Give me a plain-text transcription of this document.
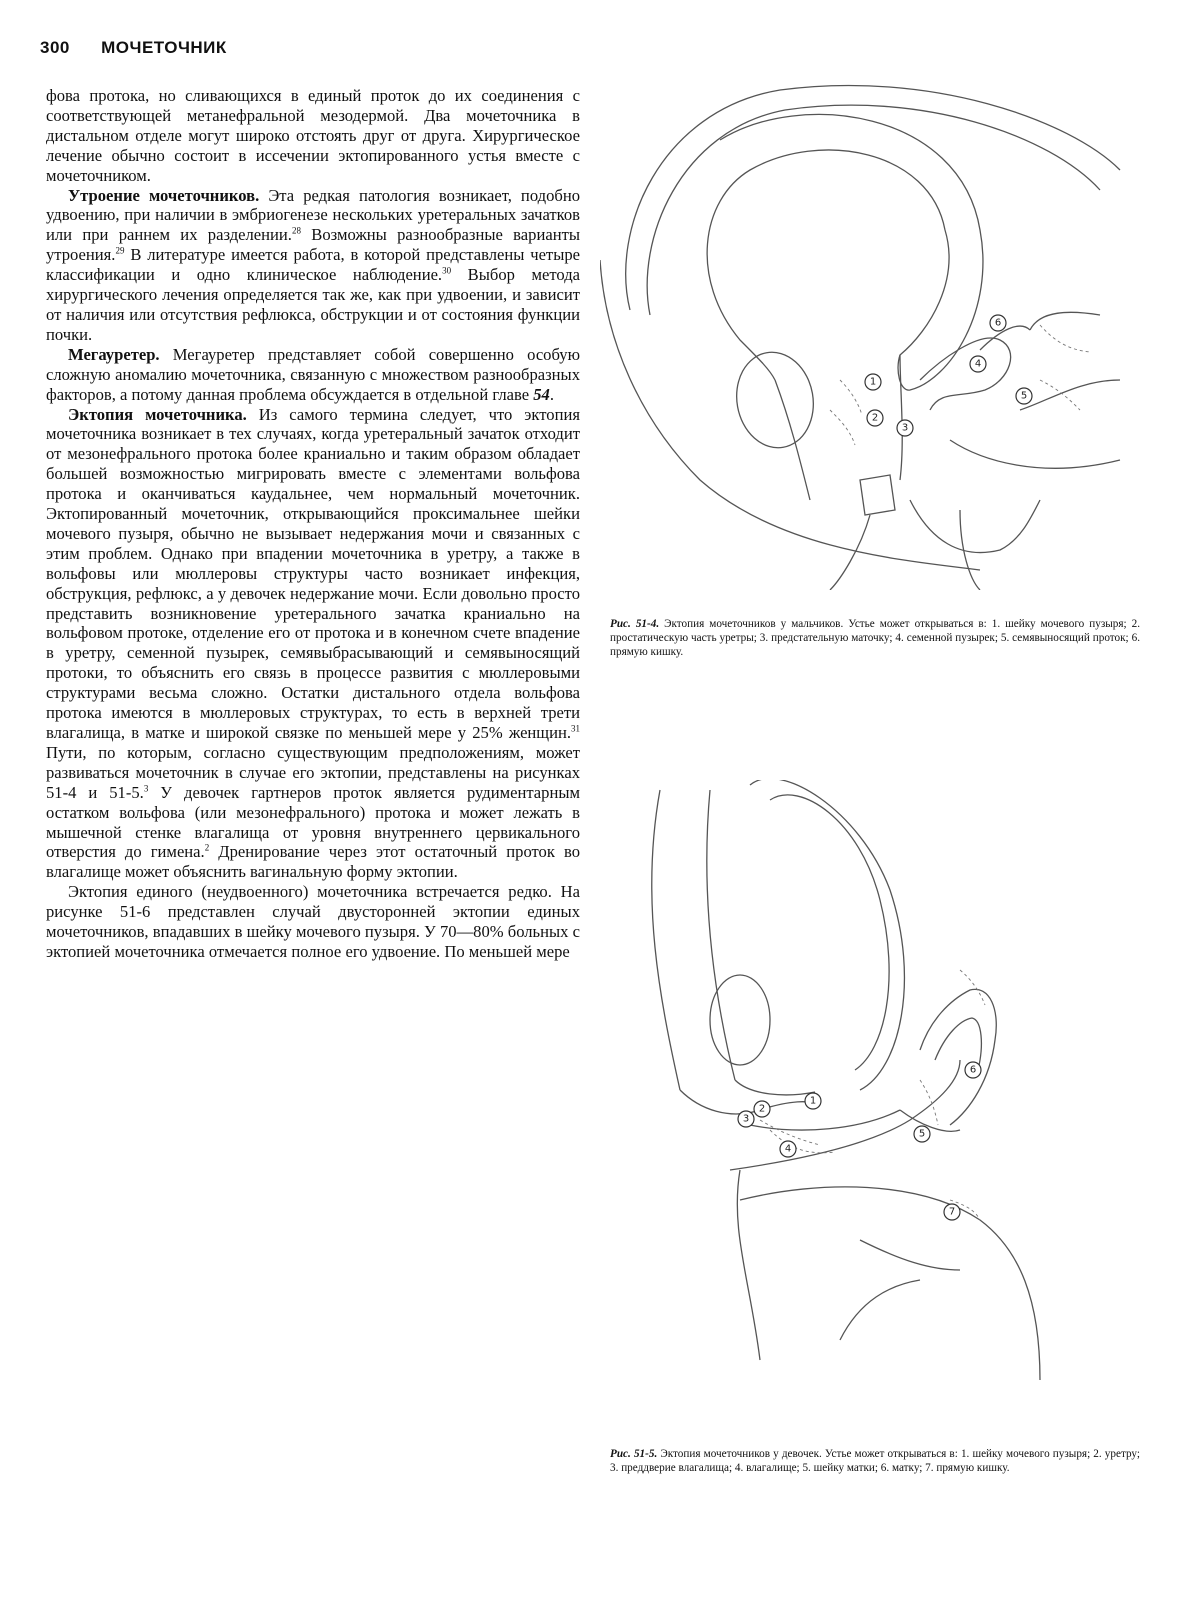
300 МОЧЕТОЧНИК

фова протока, но сливающихся в единый проток до их соединения с соответствующей метанефральной мезодермой. Два мочеточника в дистальном отделе могут широко отстоять друг от друга. Хирургическое лечение обычно состоит в иссечении эктопированного устья вместе с мочеточником.

Утроение мочеточников. Эта редкая патология возникает, подобно удвоению, при наличии в эмбриогенезе нескольких уретеральных зачатков или при раннем их разделении.$^{28}$ Возможны разнообразные варианты утроения.$^{29}$ В литературе имеется работа, в которой представлены четыре классификации и одно клиническое наблюдение.$^{30}$ Выбор метода хирургического лечения определяется так же, как при удвоении, и зависит от наличия или отсутствия рефлюкса, обструкции и от состояния функции почки.

Мегауретер. Мегауретер представляет собой совершенно особую сложную аномалию мочеточника, связанную с множеством разнообразных факторов, а потому данная проблема обсуждается в отдельной главе 54.

Эктопия мочеточника. Из самого термина следует, что эктопия мочеточника возникает в тех случаях, когда уретеральный зачаток отходит от мезонефрального протока более краниально и таким образом обладает большей возможностью мигрировать вместе с элементами вольфова протока и оканчиваться каудальнее, чем нормальный мочеточник. Эктопированный мочеточник, открывающийся проксимальнее шейки мочевого пузыря, обычно не вызывает недержания мочи и связанных с этим проблем. Однако при впадении мочеточника в уретру, а также в вольфовы или мюллеровы структуры часто возникает инфекция, обструкция, рефлюкс, а у девочек недержание мочи. Если довольно просто представить возникновение уретерального зачатка краниально на вольфовом протоке, отделение его от протока и в конечном счете впадение в уретру, семенной пузырек, семявыбрасывающий и семявыносящий протоки, то объяснить его связь в процессе развития с мюллеровыми структурами весьма сложно. Остатки дистального отдела вольфова протока имеются в мюллеровых структурах, то есть в верхней трети влагалища, в матке и широкой связке по меньшей мере у 25% женщин.$^{31}$ Пути, по которым, согласно существующим предположениям, может развиваться мочеточник в случае его эктопии, представлены на рисунках 51-4 и 51-5.$^3$ У девочек гартнеров проток является рудиментарным остатком вольфова (или мезонефрального) протока и может лежать в мышечной стенке влагалища от уровня внутреннего цервикального отверстия до гимена.$^2$ Дренирование через этот остаточный проток во влагалище может объяснить вагинальную форму эктопии.

Эктопия единого (неудвоенного) мочеточника встречается редко. На рисунке 51-6 представлен случай двусторонней эктопии единых мочеточников, впадавших в шейку мочевого пузыря. У 70—80% больных с эктопией мочеточника отмечается полное его удвоение. По меньшей мере

1
2
3
4
5
6
Рис. 51-4. Эктопия мочеточников у мальчиков. Устье может открываться в: 1. шейку мочевого пузыря; 2. простатическую часть уретры; 3. предстательную маточку; 4. семенной пузырек; 5. семявыносящий проток; 6. прямую кишку.
1
2
3
4
5
6
7
Рис. 51-5. Эктопия мочеточников у девочек. Устье может открываться в: 1. шейку мочевого пузыря; 2. уретру; 3. преддверие влагалища; 4. влагалище; 5. шейку матки; 6. матку; 7. прямую кишку.
